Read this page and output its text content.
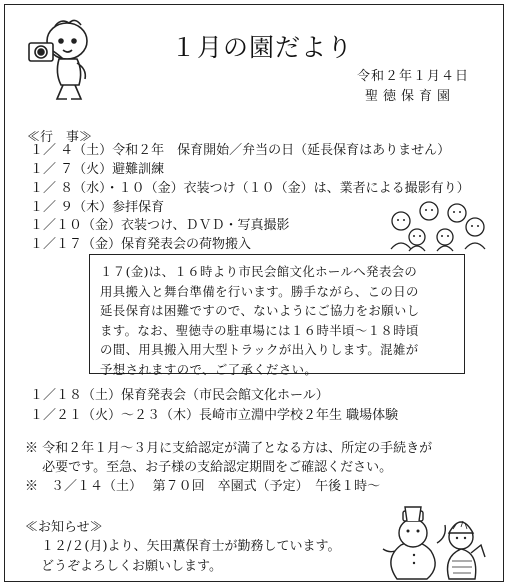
１月の園だより
令和２年１月４日
聖徳保育園
≪行　事≫
１／ ４（土）令和２年　保育開始／弁当の日（延長保育はありません）
１／ ７（火）避難訓練
１／ ８（水）・１０（金）衣装つけ（１０（金）は、業者による撮影有り）
１／ ９（木）参拝保育
１／１０（金）衣装つけ、ＤＶＤ・写真撮影
１／１７（金）保育発表会の荷物搬入
１７(金)は、１６時より市民会館文化ホールへ発表会の
用具搬入と舞台準備を行います。勝手ながら、この日の
延長保育は困難ですので、ないようにご協力をお願いし
ます。なお、聖徳寺の駐車場には１６時半頃～１８時頃
の間、用具搬入用大型トラックが出入りします。混雑が
予想されますので、ご了承ください。
１／１８（土）保育発表会（市民会館文化ホール）
１／２１（火）～２３（木）長崎市立淵中学校２年生 職場体験
※ 令和２年１月～３月に支給認定が満了となる方は、所定の手続きが
　 必要です。至急、お子様の支給認定期間をご確認ください。
※　３／１４（土）　 第７０回　卒園式（予定）　午後１時～
≪お知らせ≫
１２/２(月)より、矢田薫保育士が勤務しています。
どうぞよろしくお願いします。
